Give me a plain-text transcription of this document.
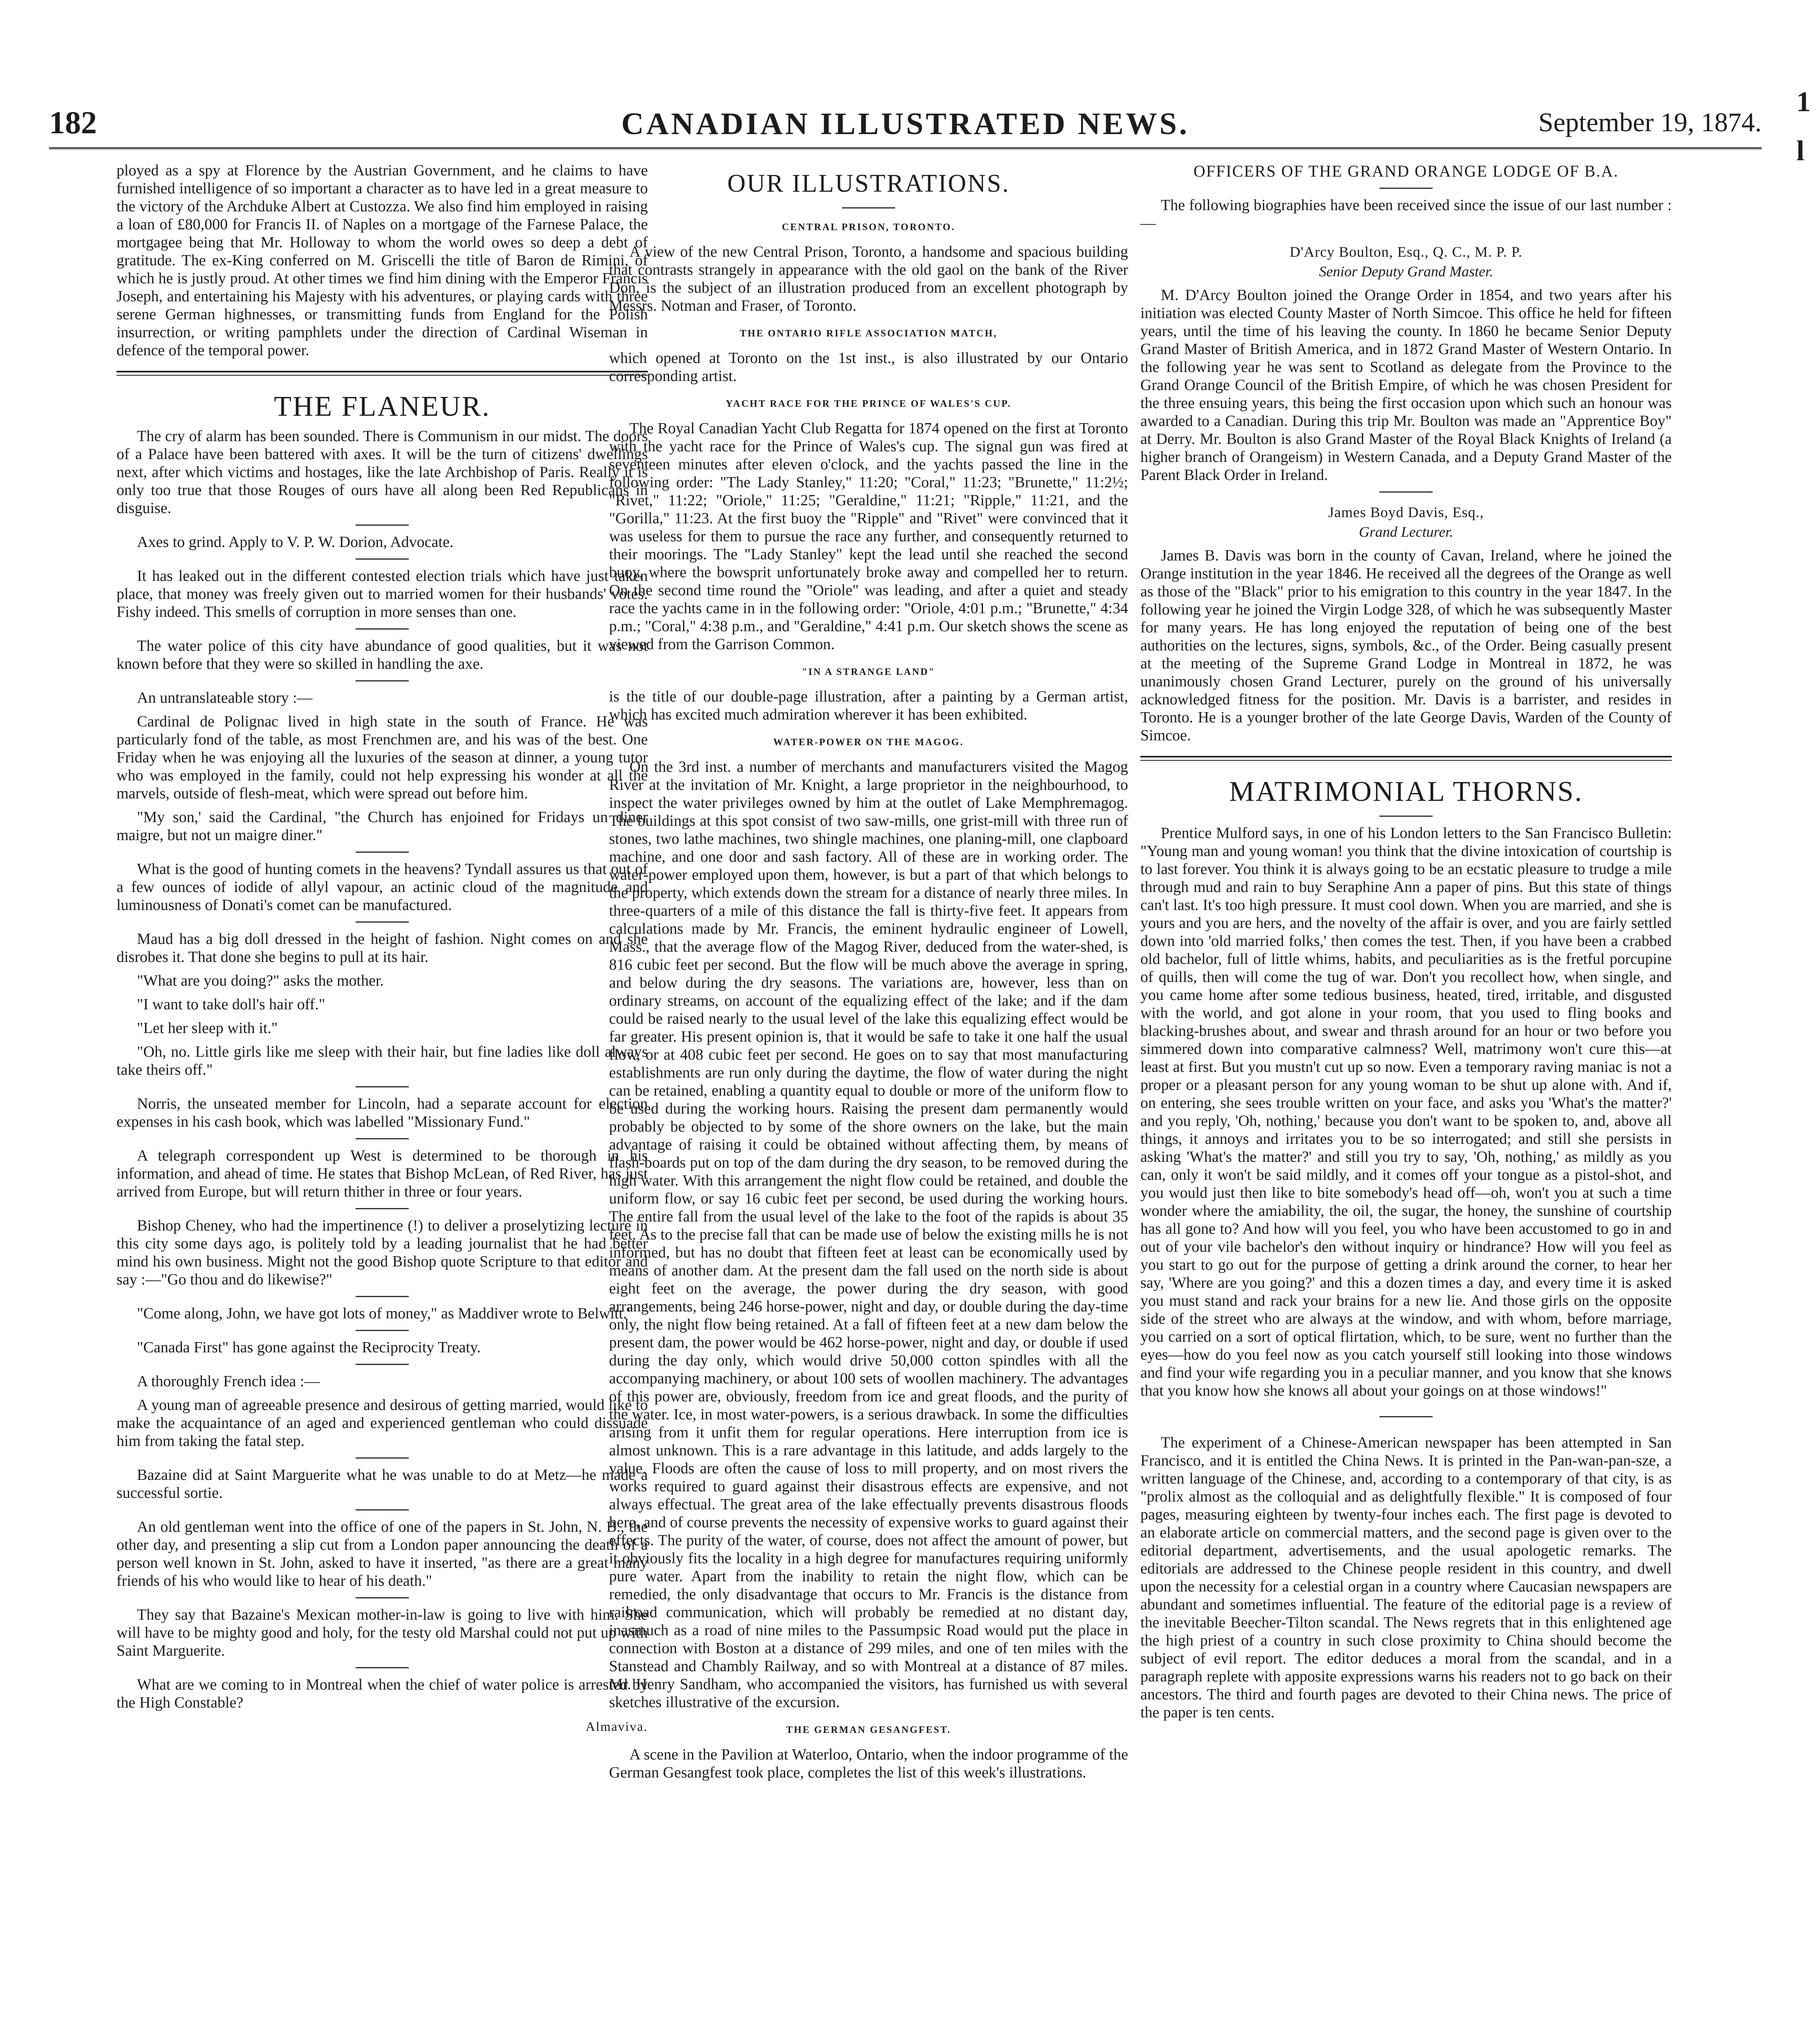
182	CANADIAN ILLUSTRATED NEWS.	September 19, 1874.
1
l

ployed as a spy at Florence by the Austrian Government, and he claims to have furnished intelligence of so important a character as to have led in a great measure to the victory of the Archduke Albert at Custozza. We also find him employed in raising a loan of £80,000 for Francis II. of Naples on a mortgage of the Farnese Palace, the mortgagee being that Mr. Holloway to whom the world owes so deep a debt of gratitude. The ex-King conferred on M. Griscelli the title of Baron de Rimini, of which he is justly proud. At other times we find him dining with the Emperor Francis Joseph, and entertaining his Majesty with his adventures, or playing cards with three serene German highnesses, or transmitting funds from England for the Polish insurrection, or writing pamphlets under the direction of Cardinal Wiseman in defence of the temporal power.

THE FLANEUR.

The cry of alarm has been sounded. There is Communism in our midst. The doors of a Palace have been battered with axes. It will be the turn of citizens' dwellings next, after which victims and hostages, like the late Archbishop of Paris. Really it is only too true that those Rouges of ours have all along been Red Republicans in disguise.

Axes to grind. Apply to V. P. W. Dorion, Advocate.

It has leaked out in the different contested election trials which have just taken place, that money was freely given out to married women for their husbands' votes. Fishy indeed. This smells of corruption in more senses than one.

The water police of this city have abundance of good qualities, but it was not known before that they were so skilled in handling the axe.

An untranslateable story :—

Cardinal de Polignac lived in high state in the south of France. He was particularly fond of the table, as most Frenchmen are, and his was of the best. One Friday when he was enjoying all the luxuries of the season at dinner, a young tutor who was employed in the family, could not help expressing his wonder at all the marvels, outside of flesh-meat, which were spread out before him.

"My son,' said the Cardinal, "the Church has enjoined for Fridays un diner maigre, but not un maigre diner."

What is the good of hunting comets in the heavens? Tyndall assures us that out of a few ounces of iodide of allyl vapour, an actinic cloud of the magnitude and luminousness of Donati's comet can be manufactured.

Maud has a big doll dressed in the height of fashion. Night comes on and she disrobes it. That done she begins to pull at its hair.

"What are you doing?" asks the mother.

"I want to take doll's hair off."

"Let her sleep with it."

"Oh, no. Little girls like me sleep with their hair, but fine ladies like doll always take theirs off."

Norris, the unseated member for Lincoln, had a separate account for election expenses in his cash book, which was labelled "Missionary Fund."

A telegraph correspondent up West is determined to be thorough in his information, and ahead of time. He states that Bishop McLean, of Red River, has just arrived from Europe, but will return thither in three or four years.

Bishop Cheney, who had the impertinence (!) to deliver a proselytizing lecture in this city some days ago, is politely told by a leading journalist that he had better mind his own business. Might not the good Bishop quote Scripture to that editor and say :—"Go thou and do likewise?"

"Come along, John, we have got lots of money," as Maddiver wrote to Belwitt."

"Canada First" has gone against the Reciprocity Treaty.

A thoroughly French idea :—

A young man of agreeable presence and desirous of getting married, would like to make the acquaintance of an aged and experienced gentleman who could dissuade him from taking the fatal step.

Bazaine did at Saint Marguerite what he was unable to do at Metz—he made a successful sortie.

An old gentleman went into the office of one of the papers in St. John, N. B., the other day, and presenting a slip cut from a London paper announcing the death of a person well known in St. John, asked to have it inserted, "as there are a great many friends of his who would like to hear of his death."

They say that Bazaine's Mexican mother-in-law is going to live with him. She will have to be mighty good and holy, for the testy old Marshal could not put up with Saint Marguerite.

What are we coming to in Montreal when the chief of water police is arrested by the High Constable?

Almaviva.
OUR ILLUSTRATIONS.
CENTRAL PRISON, TORONTO.

A view of the new Central Prison, Toronto, a handsome and spacious building that contrasts strangely in appearance with the old gaol on the bank of the River Don, is the subject of an illustration produced from an excellent photograph by Messrs. Notman and Fraser, of Toronto.

THE ONTARIO RIFLE ASSOCIATION MATCH,

which opened at Toronto on the 1st inst., is also illustrated by our Ontario corresponding artist.

YACHT RACE FOR THE PRINCE OF WALES'S CUP.

The Royal Canadian Yacht Club Regatta for 1874 opened on the first at Toronto with the yacht race for the Prince of Wales's cup. The signal gun was fired at seventeen minutes after eleven o'clock, and the yachts passed the line in the following order: "The Lady Stanley," 11:20; "Coral," 11:23; "Brunette," 11:2½; "Rivet," 11:22; "Oriole," 11:25; "Geraldine," 11:21; "Ripple," 11:21, and the "Gorilla," 11:23. At the first buoy the "Ripple" and "Rivet" were convinced that it was useless for them to pursue the race any further, and consequently returned to their moorings. The "Lady Stanley" kept the lead until she reached the second buoy, where the bowsprit unfortunately broke away and compelled her to return. On the second time round the "Oriole" was leading, and after a quiet and steady race the yachts came in in the following order: "Oriole, 4:01 p.m.; "Brunette," 4:34 p.m.; "Coral," 4:38 p.m., and "Geraldine," 4:41 p.m. Our sketch shows the scene as viewed from the Garrison Common.

"IN A STRANGE LAND"

is the title of our double-page illustration, after a painting by a German artist, which has excited much admiration wherever it has been exhibited.

WATER-POWER ON THE MAGOG.

On the 3rd inst. a number of merchants and manufacturers visited the Magog River at the invitation of Mr. Knight, a large proprietor in the neighbourhood, to inspect the water privileges owned by him at the outlet of Lake Memphremagog. The buildings at this spot consist of two saw-mills, one grist-mill with three run of stones, two lathe machines, two shingle machines, one planing-mill, one clapboard machine, and one door and sash factory. All of these are in working order. The water-power employed upon them, however, is but a part of that which belongs to the property, which extends down the stream for a distance of nearly three miles. In three-quarters of a mile of this distance the fall is thirty-five feet. It appears from calculations made by Mr. Francis, the eminent hydraulic engineer of Lowell, Mass., that the average flow of the Magog River, deduced from the water-shed, is 816 cubic feet per second. But the flow will be much above the average in spring, and below during the dry seasons. The variations are, however, less than on ordinary streams, on account of the equalizing effect of the lake; and if the dam could be raised nearly to the usual level of the lake this equalizing effect would be far greater. His present opinion is, that it would be safe to take it one half the usual flow, or at 408 cubic feet per second. He goes on to say that most manufacturing establishments are run only during the daytime, the flow of water during the night can be retained, enabling a quantity equal to double or more of the uniform flow to be used during the working hours. Raising the present dam permanently would probably be objected to by some of the shore owners on the lake, but the main advantage of raising it could be obtained without affecting them, by means of flash-boards put on top of the dam during the dry season, to be removed during the high water. With this arrangement the night flow could be retained, and double the uniform flow, or say 16 cubic feet per second, be used during the working hours. The entire fall from the usual level of the lake to the foot of the rapids is about 35 feet. As to the precise fall that can be made use of below the existing mills he is not informed, but has no doubt that fifteen feet at least can be economically used by means of another dam. At the present dam the fall used on the north side is about eight feet on the average, the power during the dry season, with good arrangements, being 246 horse-power, night and day, or double during the day-time only, the night flow being retained. At a fall of fifteen feet at a new dam below the present dam, the power would be 462 horse-power, night and day, or double if used during the day only, which would drive 50,000 cotton spindles with all the accompanying machinery, or about 100 sets of woollen machinery. The advantages of this power are, obviously, freedom from ice and great floods, and the purity of the water. Ice, in most water-powers, is a serious drawback. In some the difficulties arising from it unfit them for regular operations. Here interruption from ice is almost unknown. This is a rare advantage in this latitude, and adds largely to the value. Floods are often the cause of loss to mill property, and on most rivers the works required to guard against their disastrous effects are expensive, and not always effectual. The great area of the lake effectually prevents disastrous floods here, and of course prevents the necessity of expensive works to guard against their effects. The purity of the water, of course, does not affect the amount of power, but it obviously fits the locality in a high degree for manufactures requiring uniformly pure water. Apart from the inability to retain the night flow, which can be remedied, the only disadvantage that occurs to Mr. Francis is the distance from railroad communication, which will probably be remedied at no distant day, inasmuch as a road of nine miles to the Passumpsic Road would put the place in connection with Boston at a distance of 299 miles, and one of ten miles with the Stanstead and Chambly Railway, and so with Montreal at a distance of 87 miles. Mr. Henry Sandham, who accompanied the visitors, has furnished us with several sketches illustrative of the excursion.

THE GERMAN GESANGFEST.

A scene in the Pavilion at Waterloo, Ontario, when the indoor programme of the German Gesangfest took place, completes the list of this week's illustrations.

OFFICERS OF THE GRAND ORANGE LODGE OF B.A.

The following biographies have been received since the issue of our last number :—

D'Arcy Boulton, Esq., Q. C., M. P. P.
Senior Deputy Grand Master.

M. D'Arcy Boulton joined the Orange Order in 1854, and two years after his initiation was elected County Master of North Simcoe. This office he held for fifteen years, until the time of his leaving the county. In 1860 he became Senior Deputy Grand Master of British America, and in 1872 Grand Master of Western Ontario. In the following year he was sent to Scotland as delegate from the Province to the Grand Orange Council of the British Empire, of which he was chosen President for the three ensuing years, this being the first occasion upon which such an honour was awarded to a Canadian. During this trip Mr. Boulton was made an "Apprentice Boy" at Derry. Mr. Boulton is also Grand Master of the Royal Black Knights of Ireland (a higher branch of Orangeism) in Western Canada, and a Deputy Grand Master of the Parent Black Order in Ireland.

James Boyd Davis, Esq.,
Grand Lecturer.

James B. Davis was born in the county of Cavan, Ireland, where he joined the Orange institution in the year 1846. He received all the degrees of the Orange as well as those of the "Black" prior to his emigration to this country in the year 1847. In the following year he joined the Virgin Lodge 328, of which he was subsequently Master for many years. He has long enjoyed the reputation of being one of the best authorities on the lectures, signs, symbols, &c., of the Order. Being casually present at the meeting of the Supreme Grand Lodge in Montreal in 1872, he was unanimously chosen Grand Lecturer, purely on the ground of his universally acknowledged fitness for the position. Mr. Davis is a barrister, and resides in Toronto. He is a younger brother of the late George Davis, Warden of the County of Simcoe.

MATRIMONIAL THORNS.

Prentice Mulford says, in one of his London letters to the San Francisco Bulletin: "Young man and young woman! you think that the divine intoxication of courtship is to last forever. You think it is always going to be an ecstatic pleasure to trudge a mile through mud and rain to buy Seraphine Ann a paper of pins. But this state of things can't last. It's too high pressure. It must cool down. When you are married, and she is yours and you are hers, and the novelty of the affair is over, and you are fairly settled down into 'old married folks,' then comes the test. Then, if you have been a crabbed old bachelor, full of little whims, habits, and peculiarities as is the fretful porcupine of quills, then will come the tug of war. Don't you recollect how, when single, and you came home after some tedious business, heated, tired, irritable, and disgusted with the world, and got alone in your room, that you used to fling books and blacking-brushes about, and swear and thrash around for an hour or two before you simmered down into comparative calmness? Well, matrimony won't cure this—at least at first. But you mustn't cut up so now. Even a temporary raving maniac is not a proper or a pleasant person for any young woman to be shut up alone with. And if, on entering, she sees trouble written on your face, and asks you 'What's the matter?' and you reply, 'Oh, nothing,' because you don't want to be spoken to, and, above all things, it annoys and irritates you to be so interrogated; and still she persists in asking 'What's the matter?' and still you try to say, 'Oh, nothing,' as mildly as you can, only it won't be said mildly, and it comes off your tongue as a pistol-shot, and you would just then like to bite somebody's head off—oh, won't you at such a time wonder where the amiability, the oil, the sugar, the honey, the sunshine of courtship has all gone to? And how will you feel, you who have been accustomed to go in and out of your vile bachelor's den without inquiry or hindrance? How will you feel as you start to go out for the purpose of getting a drink around the corner, to hear her say, 'Where are you going?' and this a dozen times a day, and every time it is asked you must stand and rack your brains for a new lie. And those girls on the opposite side of the street who are always at the window, and with whom, before marriage, you carried on a sort of optical flirtation, which, to be sure, went no further than the eyes—how do you feel now as you catch yourself still looking into those windows and find your wife regarding you in a peculiar manner, and you know that she knows that you know how she knows all about your goings on at those windows!"

The experiment of a Chinese-American newspaper has been attempted in San Francisco, and it is entitled the China News. It is printed in the Pan-wan-pan-sze, a written language of the Chinese, and, according to a contemporary of that city, is as "prolix almost as the colloquial and as delightfully flexible." It is composed of four pages, measuring eighteen by twenty-four inches each. The first page is devoted to an elaborate article on commercial matters, and the second page is given over to the editorial department, advertisements, and the usual apologetic remarks. The editorials are addressed to the Chinese people resident in this country, and dwell upon the necessity for a celestial organ in a country where Caucasian newspapers are abundant and sometimes influential. The feature of the editorial page is a review of the inevitable Beecher-Tilton scandal. The News regrets that in this enlightened age the high priest of a country in such close proximity to China should become the subject of evil report. The editor deduces a moral from the scandal, and in a paragraph replete with apposite expressions warns his readers not to go back on their ancestors. The third and fourth pages are devoted to their China news. The price of the paper is ten cents.
